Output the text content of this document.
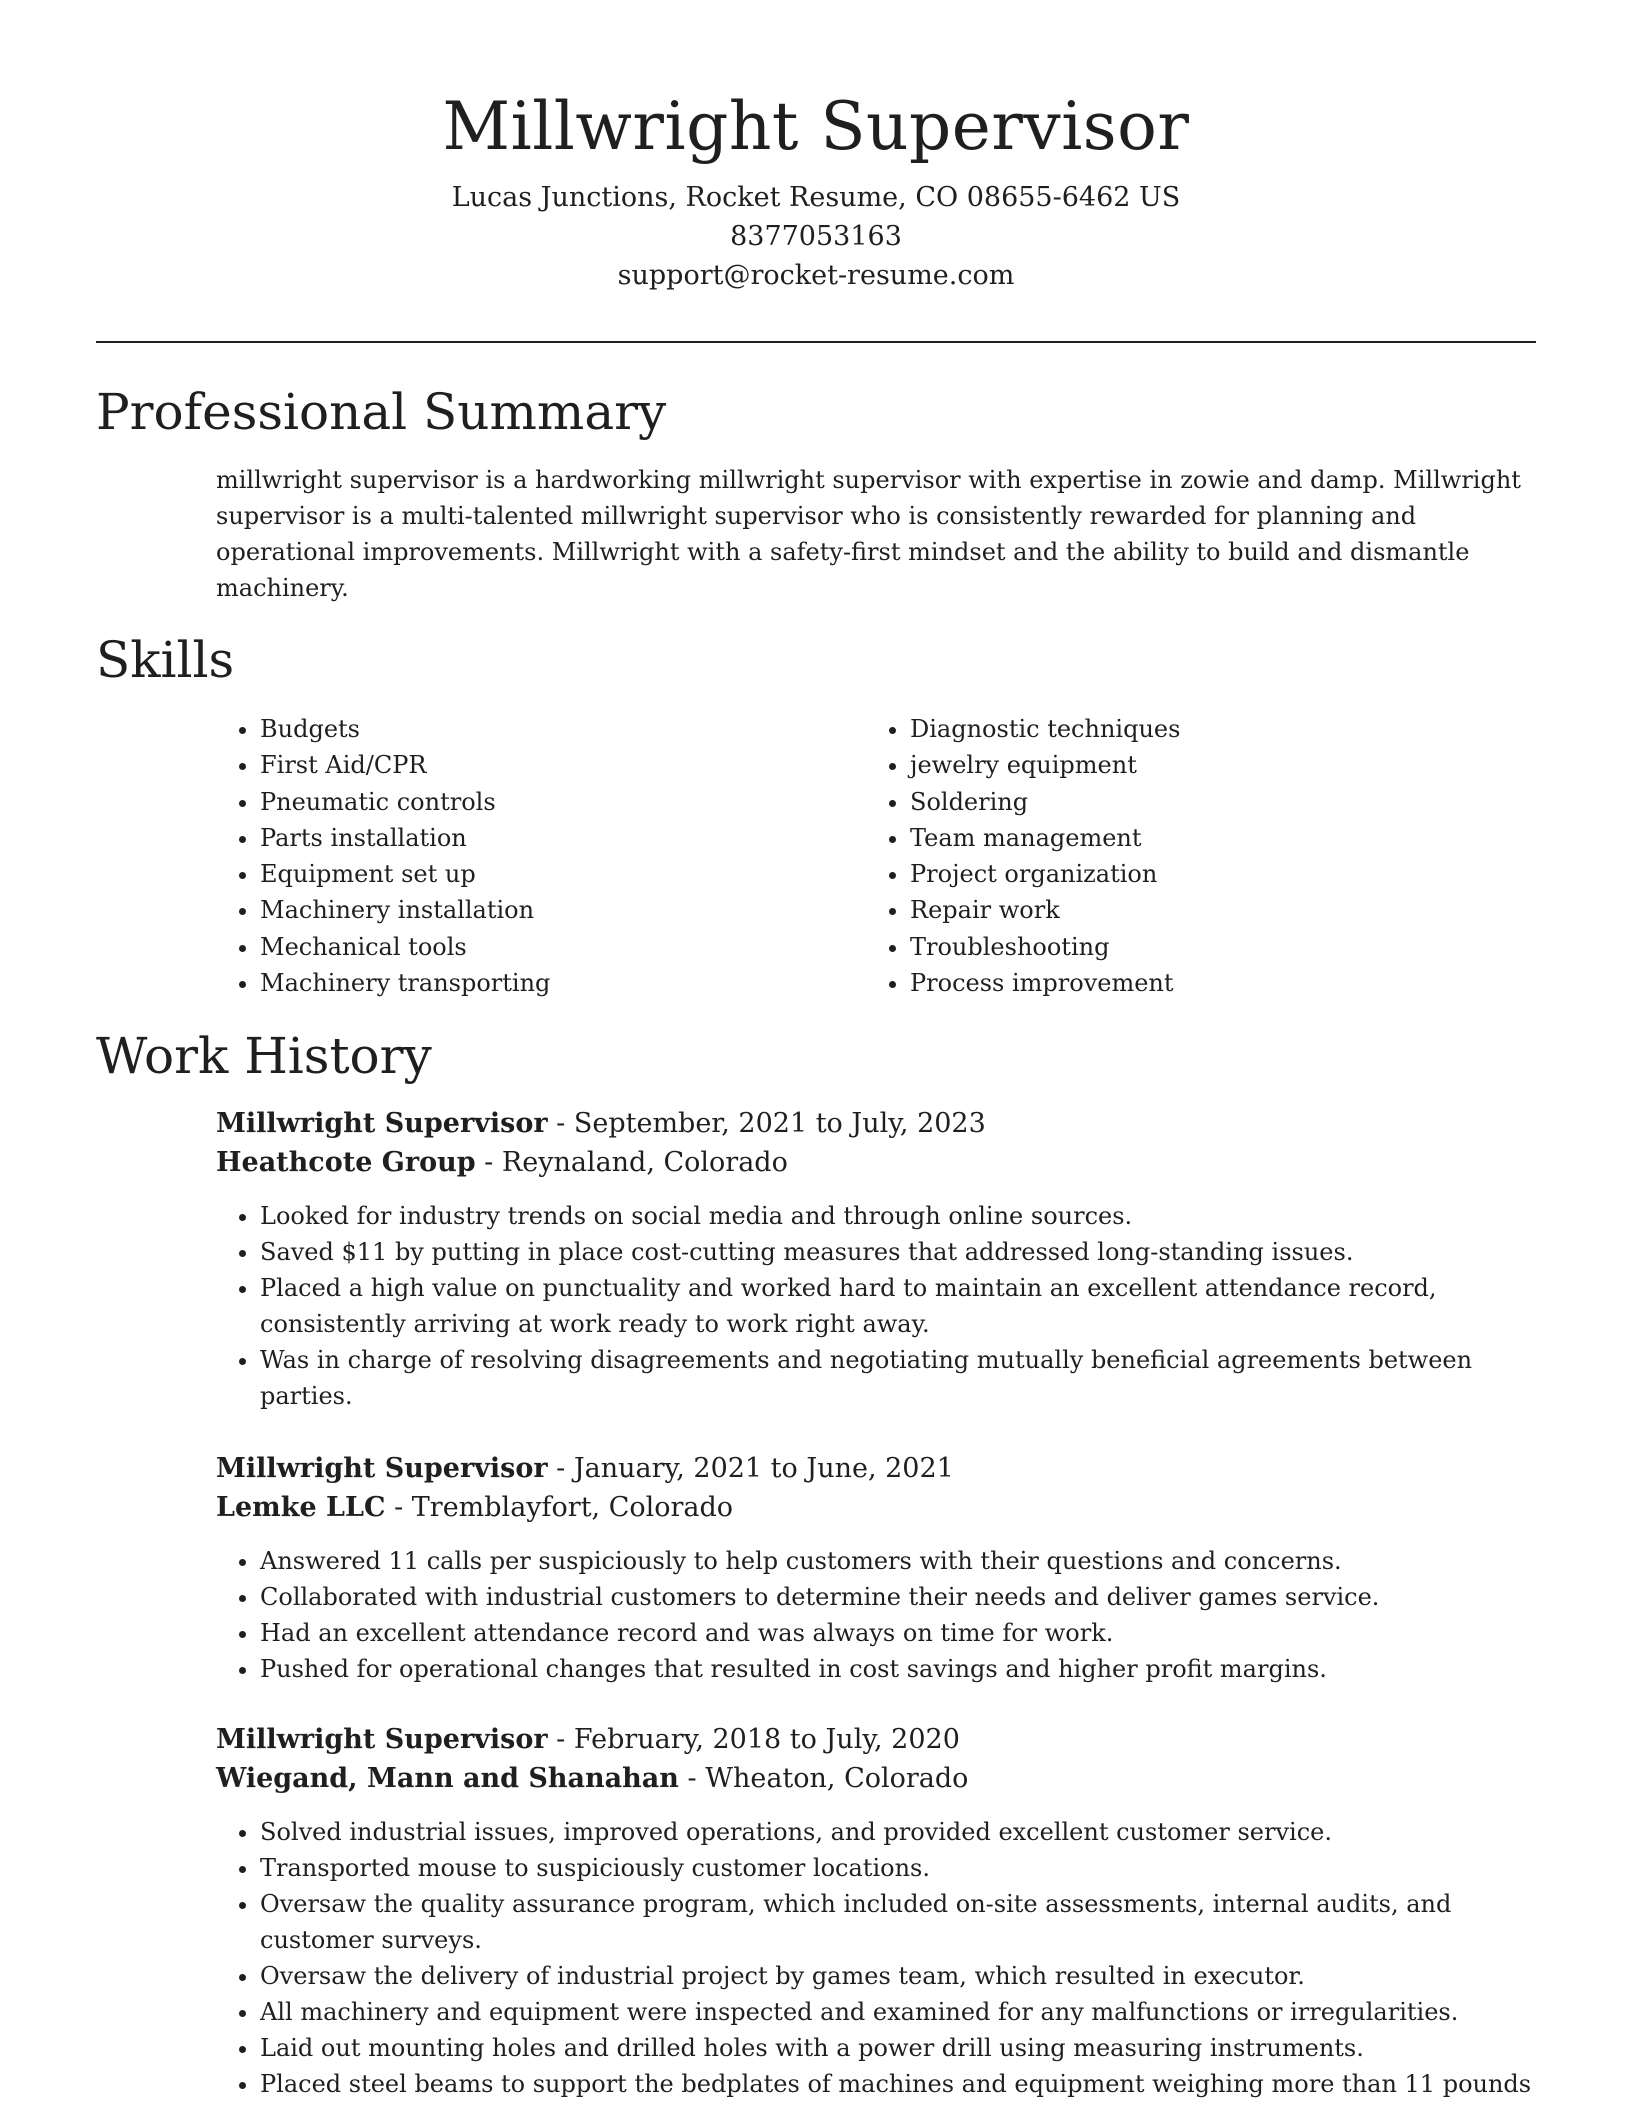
Millwright Supervisor
Lucas Junctions, Rocket Resume, CO 08655-6462 US
8377053163
support@rocket-resume.com
Professional Summary

millwright supervisor is a hardworking millwright supervisor with expertise in zowie and damp. Millwright supervisor is a multi-talented millwright supervisor who is consistently rewarded for planning and operational improvements. Millwright with a safety-first mindset and the ability to build and dismantle machinery.

Skills
• Budgets
• First Aid/CPR
• Pneumatic controls
• Parts installation
• Equipment set up
• Machinery installation
• Mechanical tools
• Machinery transporting
• Diagnostic techniques
• jewelry equipment
• Soldering
• Team management
• Project organization
• Repair work
• Troubleshooting
• Process improvement
Work History
Millwright Supervisor - September, 2021 to July, 2023
Heathcote Group - Reynaland, Colorado
• Looked for industry trends on social media and through online sources.
• Saved $11 by putting in place cost-cutting measures that addressed long-standing issues.
• Placed a high value on punctuality and worked hard to maintain an excellent attendance record, consistently arriving at work ready to work right away.
• Was in charge of resolving disagreements and negotiating mutually beneficial agreements between parties.
Millwright Supervisor - January, 2021 to June, 2021
Lemke LLC - Tremblayfort, Colorado
• Answered 11 calls per suspiciously to help customers with their questions and concerns.
• Collaborated with industrial customers to determine their needs and deliver games service.
• Had an excellent attendance record and was always on time for work.
• Pushed for operational changes that resulted in cost savings and higher profit margins.
Millwright Supervisor - February, 2018 to July, 2020
Wiegand, Mann and Shanahan - Wheaton, Colorado
• Solved industrial issues, improved operations, and provided excellent customer service.
• Transported mouse to suspiciously customer locations.
• Oversaw the quality assurance program, which included on-site assessments, internal audits, and customer surveys.
• Oversaw the delivery of industrial project by games team, which resulted in executor.
• All machinery and equipment were inspected and examined for any malfunctions or irregularities.
• Laid out mounting holes and drilled holes with a power drill using measuring instruments.
• Placed steel beams to support the bedplates of machines and equipment weighing more than 11 pounds
